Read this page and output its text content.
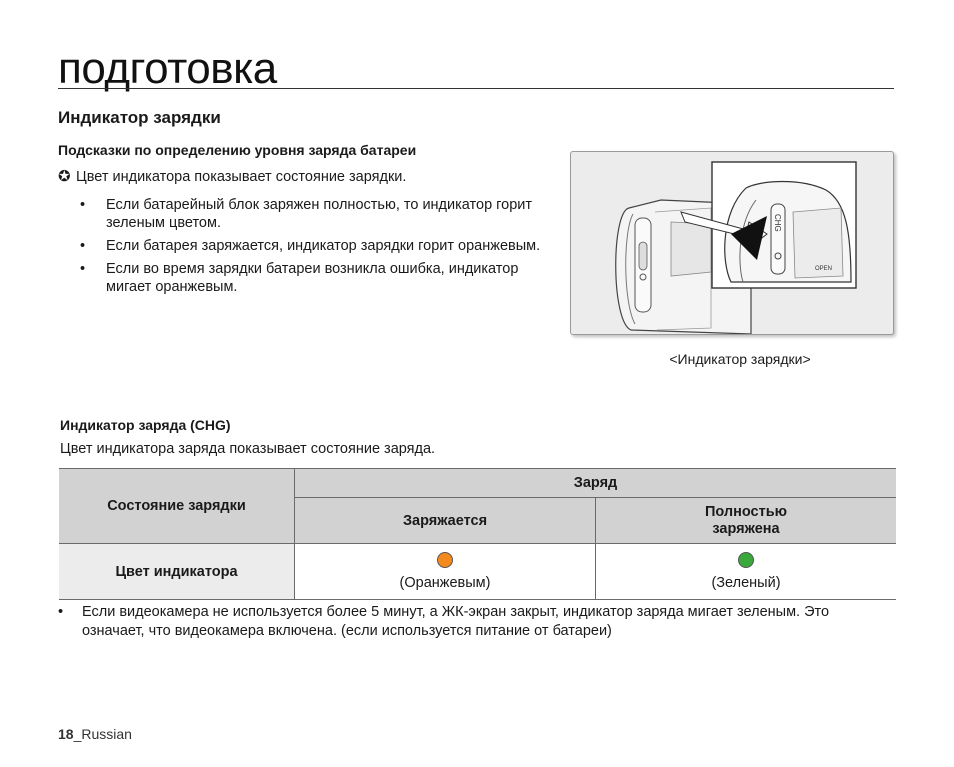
подготовка
Индикатор зарядки
Подсказки по определению уровня заряда батареи
✪ Цвет индикатора показывает состояние зарядки.
• Если батарейный блок заряжен полностью, то индикатор горит зеленым цветом.
• Если батарея заряжается, индикатор зарядки горит оранжевым.
• Если во время зарядки батареи возникла ошибка, индикатор мигает оранжевым.
CHG
OPEN
<Индикатор зарядки>
Индикатор заряда (CHG)
Цвет индикатора заряда показывает состояние заряда.
Состояние зарядки	Заряд	
	Заряжается	Полностью заряжена

Цвет индикатора	(Оранжевым)	(Зеленый)
• Если видеокамера не используется более 5 минут, а ЖК-экран закрыт, индикатор заряда мигает зеленым. Это означает, что видеокамера включена. (если используется питание от батареи)
18_Russian
